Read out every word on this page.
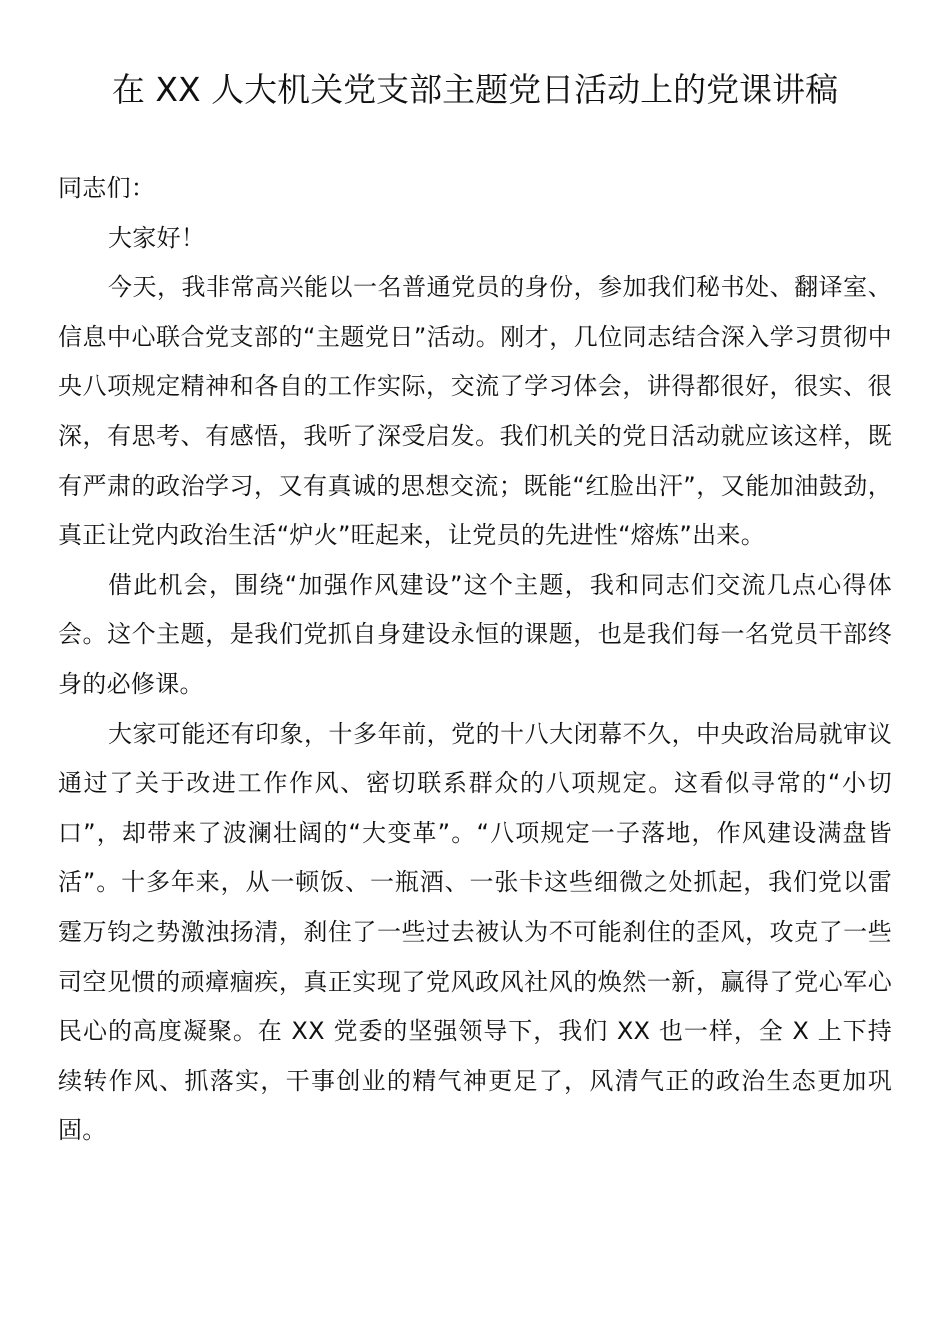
在 XX 人大机关党支部主题党日活动上的党课讲稿

同志们：

大家好！

今天，我非常高兴能以一名普通党员的身份，参加我们秘书处、翻译室、信息中心联合党支部的“主题党日”活动。刚才，几位同志结合深入学习贯彻中央八项规定精神和各自的工作实际，交流了学习体会，讲得都很好，很实、很深，有思考、有感悟，我听了深受启发。我们机关的党日活动就应该这样，既有严肃的政治学习，又有真诚的思想交流；既能“红脸出汗”，又能加油鼓劲，真正让党内政治生活“炉火”旺起来，让党员的先进性“熔炼”出来。

借此机会，围绕“加强作风建设”这个主题，我和同志们交流几点心得体会。这个主题，是我们党抓自身建设永恒的课题，也是我们每一名党员干部终身的必修课。

大家可能还有印象，十多年前，党的十八大闭幕不久，中央政治局就审议通过了关于改进工作作风、密切联系群众的八项规定。这看似寻常的“小切口”，却带来了波澜壮阔的“大变革”。“八项规定一子落地，作风建设满盘皆活”。十多年来，从一顿饭、一瓶酒、一张卡这些细微之处抓起，我们党以雷霆万钧之势激浊扬清，刹住了一些过去被认为不可能刹住的歪风，攻克了一些司空见惯的顽瘴痼疾，真正实现了党风政风社风的焕然一新，赢得了党心军心民心的高度凝聚。在 XX 党委的坚强领导下，我们 XX 也一样，全 X 上下持续转作风、抓落实，干事创业的精气神更足了，风清气正的政治生态更加巩固。
